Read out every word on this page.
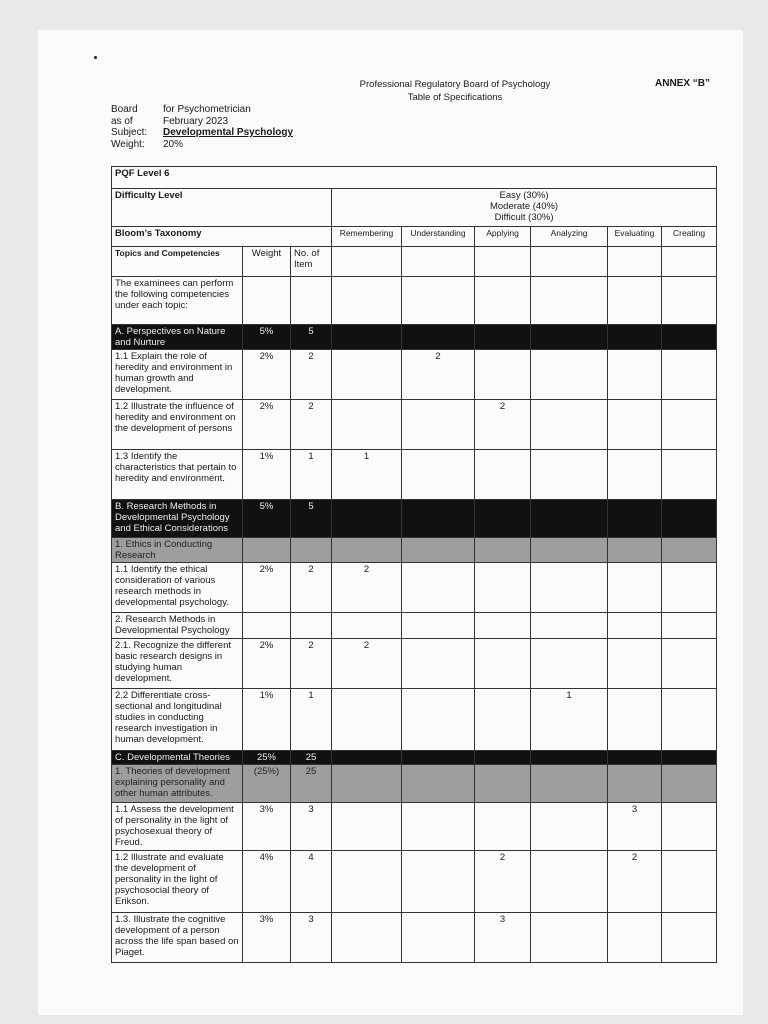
Professional Regulatory Board of Psychology
Table of Specifications
ANNEX “B”
Board	for Psychometrician
as of	February 2023
Subject:	Developmental Psychology
Weight:	20%
PQF Level 6								
Difficulty Level			Easy (30%)
Moderate (40%)
Difficult (30%)					

Bloom’s Taxonomy			Remembering	Understanding	Applying	Analyzing	Evaluating	Creating
Topics and Competencies	Weight	No. of Item						
The examinees can perform the following competencies under each topic:								
A. Perspectives on Nature and Nurture	5%	5						
1.1 Explain the role of heredity and environment in human growth and development.	2%	2		2				
1.2 Illustrate the influence of heredity and environment on the development of persons	2%	2			2			
1.3 Identify the characteristics that pertain to heredity and environment.	1%	1	1					
B. Research Methods in Developmental Psychology and Ethical Considerations	5%	5						
1. Ethics in Conducting Research								
1.1 Identify the ethical consideration of various research methods in developmental psychology.	2%	2	2					
2. Research Methods in Developmental Psychology								
2.1. Recognize the different basic research designs in studying human development.	2%	2	2					
2.2 Differentiate cross-sectional and longitudinal studies in conducting research investigation in human development.	1%	1				1		
C. Developmental Theories	25%	25						
1. Theories of development explaining personality and other human attributes.	(25%)	25						
1.1 Assess the development of personality in the light of psychosexual theory of Freud.	3%	3					3	
1.2 Illustrate and evaluate the development of personality in the light of psychosocial theory of Erikson.	4%	4			2		2	
1.3. Illustrate the cognitive development of a person across the life span based on Piaget.	3%	3			3			
